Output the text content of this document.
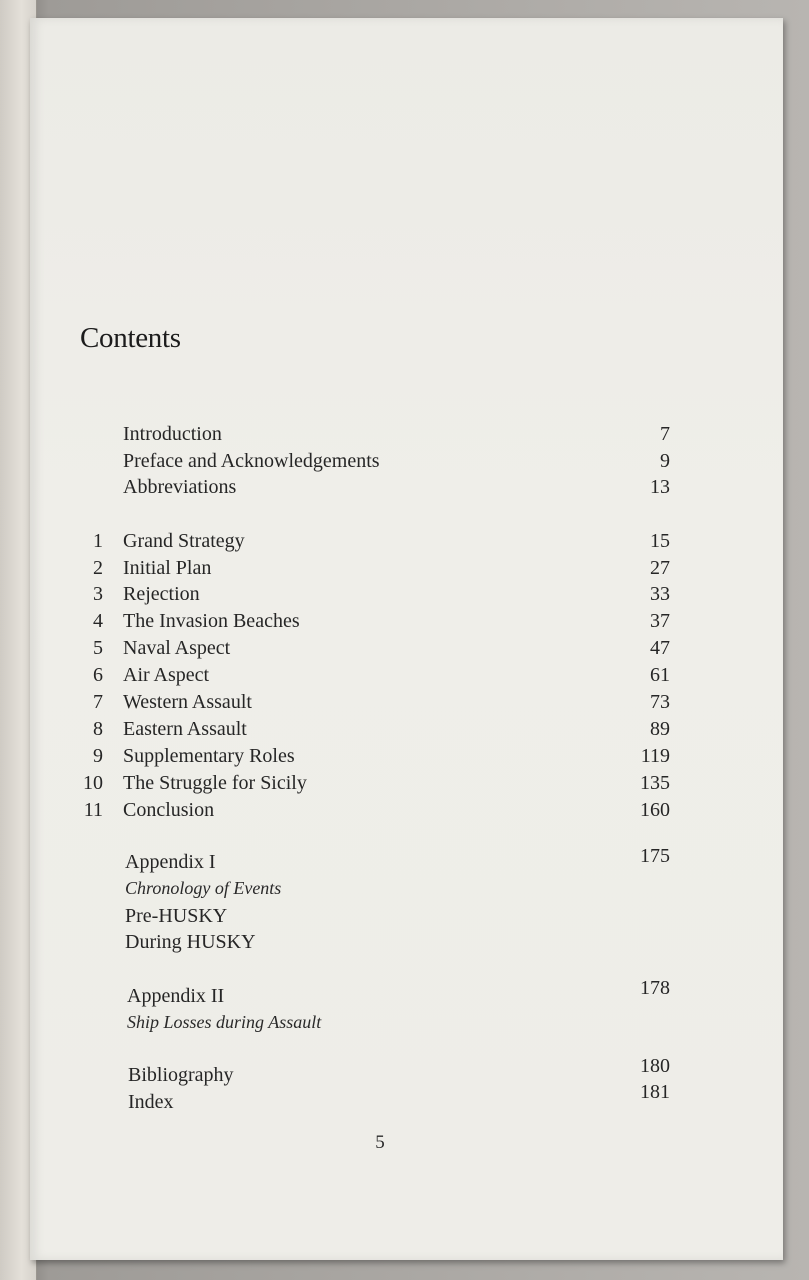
Contents
Introduction	7
Preface and Acknowledgements	9
Abbreviations	13
1 Grand Strategy	15
2 Initial Plan	27
3 Rejection	33
4 The Invasion Beaches	37
5 Naval Aspect	47
6 Air Aspect	61
7 Western Assault	73
8 Eastern Assault	89
9 Supplementary Roles	119
10 The Struggle for Sicily	135
11 Conclusion	160
Appendix I	175
Chronology of Events
Pre-HUSKY
During HUSKY
Appendix II	178
Ship Losses during Assault
Bibliography	180
Index	181
5
